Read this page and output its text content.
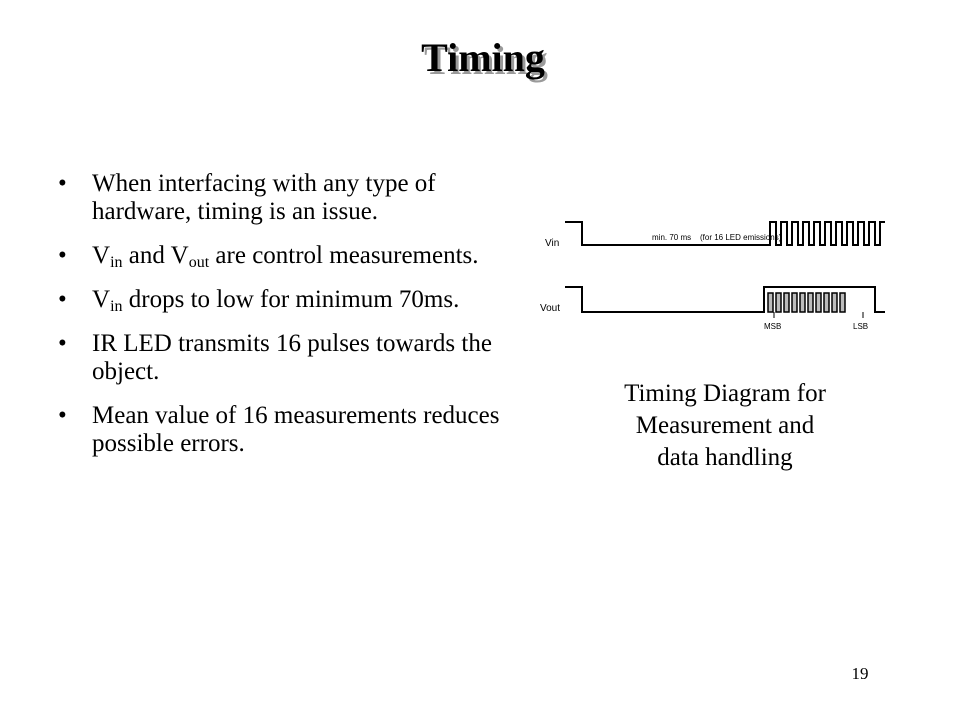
Timing
• When interfacing with any type of hardware, timing is an issue.
• $V_{in}$ and $V_{out}$ are control measurements.
• $V_{in}$ drops to low for minimum 70ms.
• IR LED transmits 16 pulses towards the object.
• Mean value of 16 measurements reduces possible errors.
Vin
Vout
min. 70 ms (for 16 LED emissions)
MSB	LSB
Timing Diagram for
Measurement and
data handling
19
